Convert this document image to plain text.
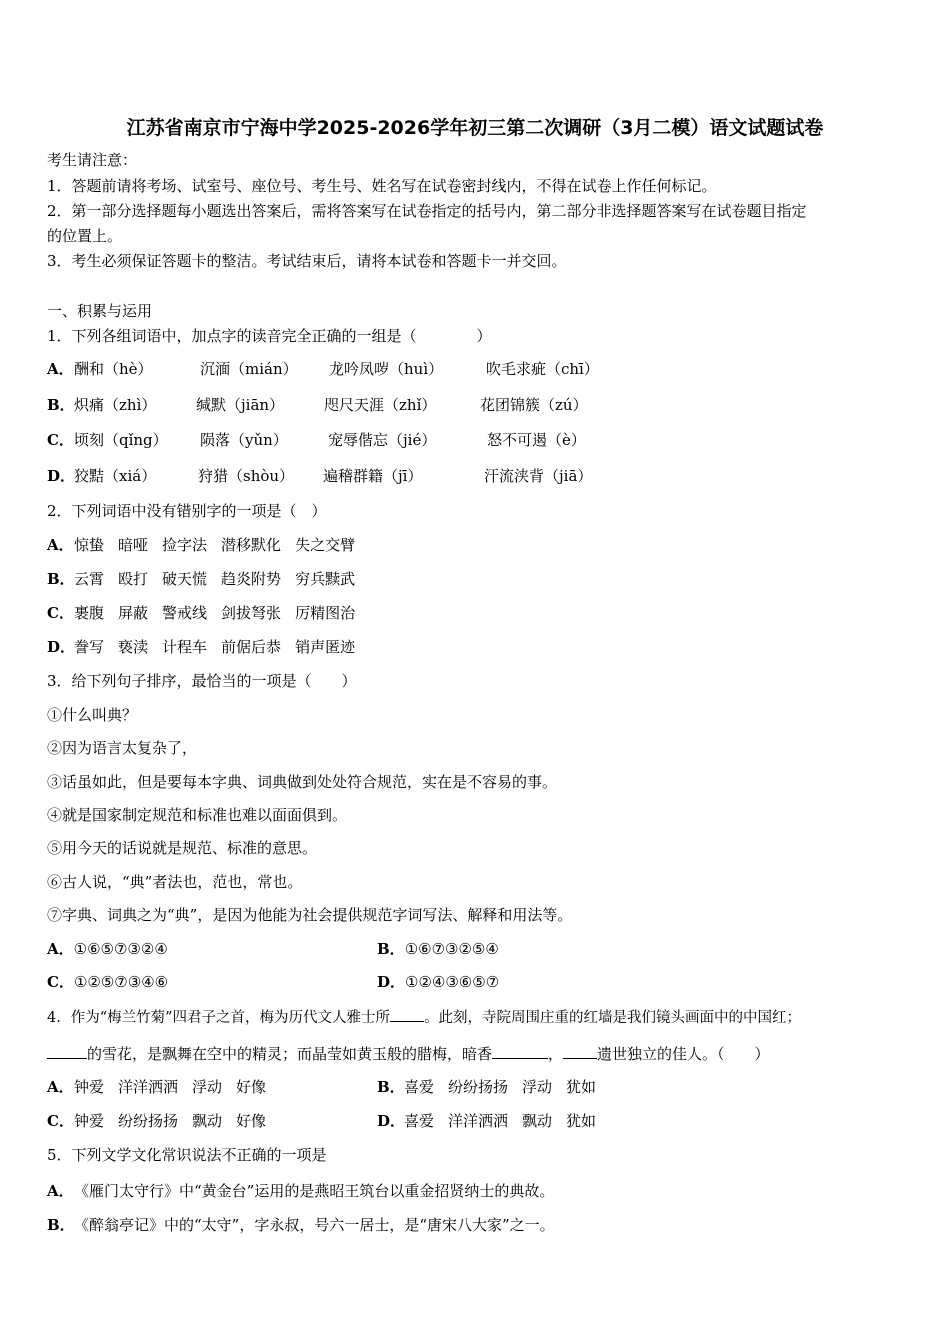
江苏省南京市宁海中学2025-2026学年初三第二次调研（3月二模）语文试题试卷
考生请注意：
1．答题前请将考场、试室号、座位号、考生号、姓名写在试卷密封线内，不得在试卷上作任何标记。
2．第一部分选择题每小题选出答案后，需将答案写在试卷指定的括号内，第二部分非选择题答案写在试卷题目指定
的位置上。
3．考生必须保证答题卡的整洁。考试结束后，请将本试卷和答题卡一并交回。
一、积累与运用
1．下列各组词语中，加点字的读音完全正确的一组是（　　　　）
A．酬和（hè）	沉湎（mián） 龙吟凤哕（huì）	吹毛求疵（chī）
B．炽痛（zhì）	缄默（jiān）	咫尺天涯（zhǐ）	花团锦簇（zú）
C．顷刻（qǐng） 陨落（yǔn）	宠辱偕忘（jié）	怒不可遏（è）
D．狡黠（xiá）	狩猎（shòu） 遍稽群籍（jī）	汗流浃背（jiā）
2．下列词语中没有错别字的一项是（　）
A．惊蛰 暗哑 捡字法 潜移默化 失之交臂
B．云霄 殴打 破天慌 趋炎附势 穷兵黩武
C．裹腹 屏蔽 警戒线 剑拔弩张 厉精图治
D．誊写 亵渎 计程车 前倨后恭 销声匿迹
3．给下列句子排序，最恰当的一项是（　　）
①什么叫典？
②因为语言太复杂了，
③话虽如此，但是要每本字典、词典做到处处符合规范，实在是不容易的事。
④就是国家制定规范和标准也难以面面俱到。
⑤用今天的话说就是规范、标准的意思。
⑥古人说，“典”者法也，范也，常也。
⑦字典、词典之为“典”，是因为他能为社会提供规范字词写法、解释和用法等。
A．①⑥⑤⑦③②④	B．①⑥⑦③②⑤④
C．①②⑤⑦③④⑥	D．①②④③⑥⑤⑦
4．作为“梅兰竹菊”四君子之首，梅为历代文人雅士所 。此刻，寺院周围庄重的红墙是我们镜头画面中的中国红；
的雪花，是飘舞在空中的精灵；而晶莹如黄玉般的腊梅，暗香	， 遗世独立的佳人。（　　）
A．钟爱 洋洋洒洒 浮动 好像	B．喜爱 纷纷扬扬 浮动 犹如
C．钟爱 纷纷扬扬 飘动 好像	D．喜爱 洋洋洒洒 飘动 犹如
5．下列文学文化常识说法不正确的一项是
A．《雁门太守行》中“黄金台”运用的是燕昭王筑台以重金招贤纳士的典故。
B．《醉翁亭记》中的“太守”，字永叔，号六一居士，是“唐宋八大家”之一。
